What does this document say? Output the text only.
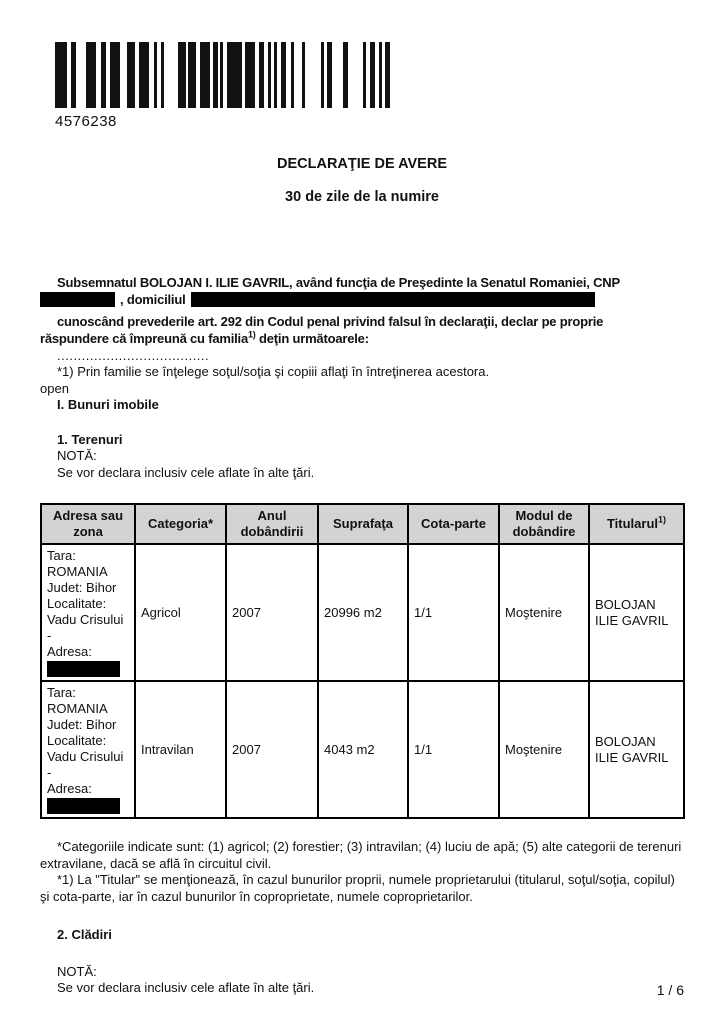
4576238
DECLARAŢIE DE AVERE
30 de zile de la numire
Subsemnatul BOLOJAN I. ILIE GAVRIL, având funcţia de Preşedinte la Senatul Romaniei, CNP
, domiciliul
cunoscând prevederile art. 292 din Codul penal privind falsul în declaraţii, declar pe proprie
răspundere că împreună cu familia$^{1)}$ deţin următoarele:
.....................................
*1) Prin familie se înţelege soţul/soţia şi copiii aflaţi în întreţinerea acestora.
open
I. Bunuri imobile
1. Terenuri
NOTĂ:
Se vor declara inclusiv cele aflate în alte ţări.
Adresa sau zona	Categoria*	Anul dobândirii	Suprafaţa	Cota-parte	Modul de dobândire	Titularul$^{1)}$

Tara:
ROMANIA
Judet: Bihor
Localitate:
Vadu Crisului
-
Adresa:
	Agricol	2007	20996 m2	1/1	Moştenire	BOLOJAN ILIE GAVRIL

Tara:
ROMANIA
Judet: Bihor
Localitate:
Vadu Crisului
-
Adresa:
	Intravilan	2007	4043 m2	1/1	Moştenire	BOLOJAN ILIE GAVRIL

*Categoriile indicate sunt: (1) agricol; (2) forestier; (3) intravilan; (4) luciu de apă; (5) alte categorii de terenuri extravilane, dacă se află în circuitul civil.

*1) La "Titular" se menţionează, în cazul bunurilor proprii, numele proprietarului (titularul, soţul/soţia, copilul) şi cota-parte, iar în cazul bunurilor în coproprietate, numele coproprietarilor.

2. Clădiri
NOTĂ:
Se vor declara inclusiv cele aflate în alte ţări.	1 / 6
